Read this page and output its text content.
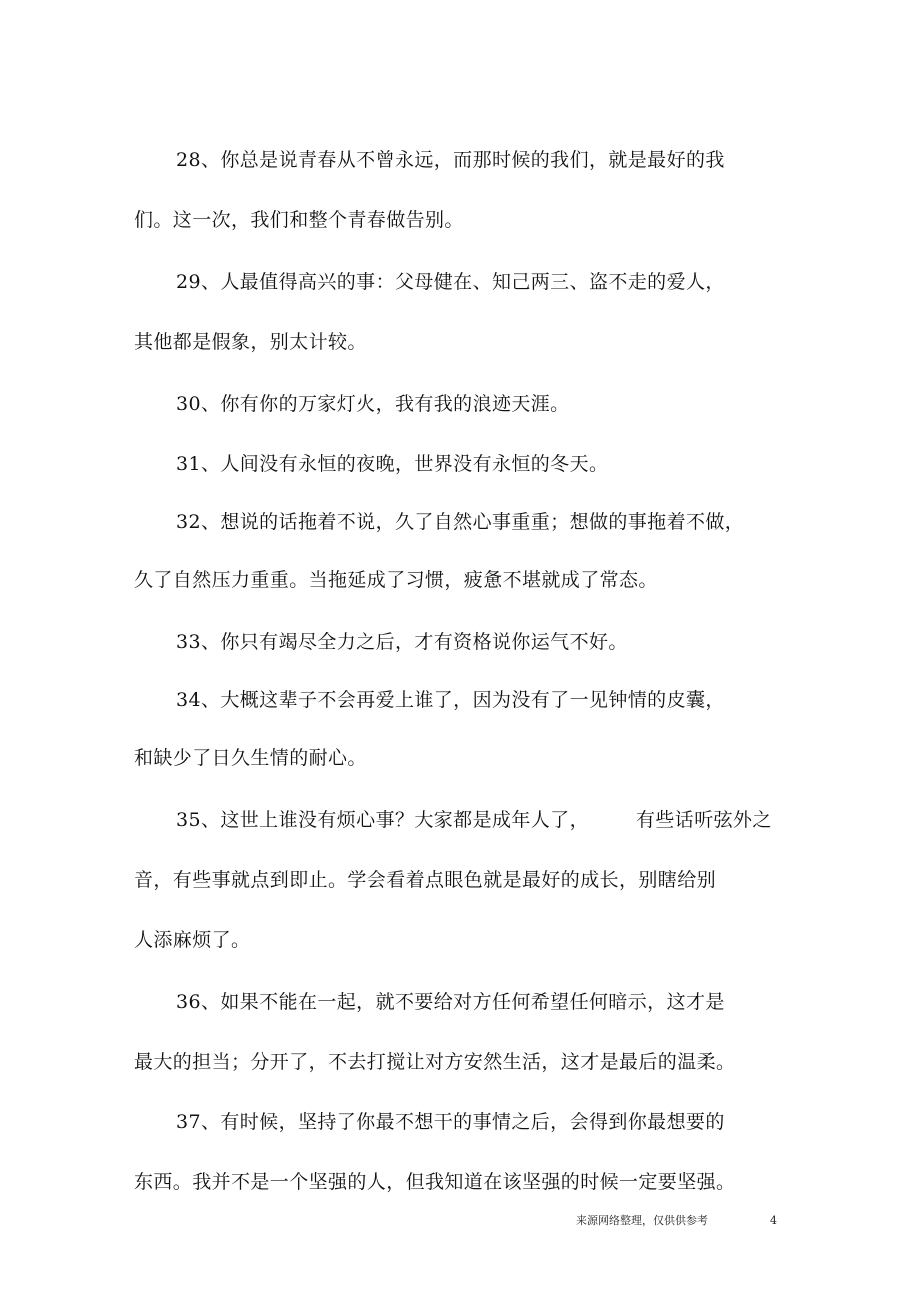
28、你总是说青春从不曾永远，而那时候的我们，就是最好的我
们。这一次，我们和整个青春做告别。
29、人最值得高兴的事：父母健在、知己两三、盗不走的爱人，
其他都是假象，别太计较。
30、你有你的万家灯火，我有我的浪迹天涯。
31、人间没有永恒的夜晚，世界没有永恒的冬天。
32、想说的话拖着不说，久了自然心事重重；想做的事拖着不做，
久了自然压力重重。当拖延成了习惯，疲惫不堪就成了常态。
33、你只有竭尽全力之后，才有资格说你运气不好。
34、大概这辈子不会再爱上谁了，因为没有了一见钟情的皮囊，
和缺少了日久生情的耐心。
35、这世上谁没有烦心事？大家都是成年人了， 有些话听弦外之
音，有些事就点到即止。学会看着点眼色就是最好的成长，别瞎给别
人添麻烦了。
36、如果不能在一起，就不要给对方任何希望任何暗示，这才是
最大的担当；分开了，不去打搅让对方安然生活，这才是最后的温柔。
37、有时候，坚持了你最不想干的事情之后，会得到你最想要的
东西。我并不是一个坚强的人，但我知道在该坚强的时候一定要坚强。
来源网络整理，仅供供参考	4
